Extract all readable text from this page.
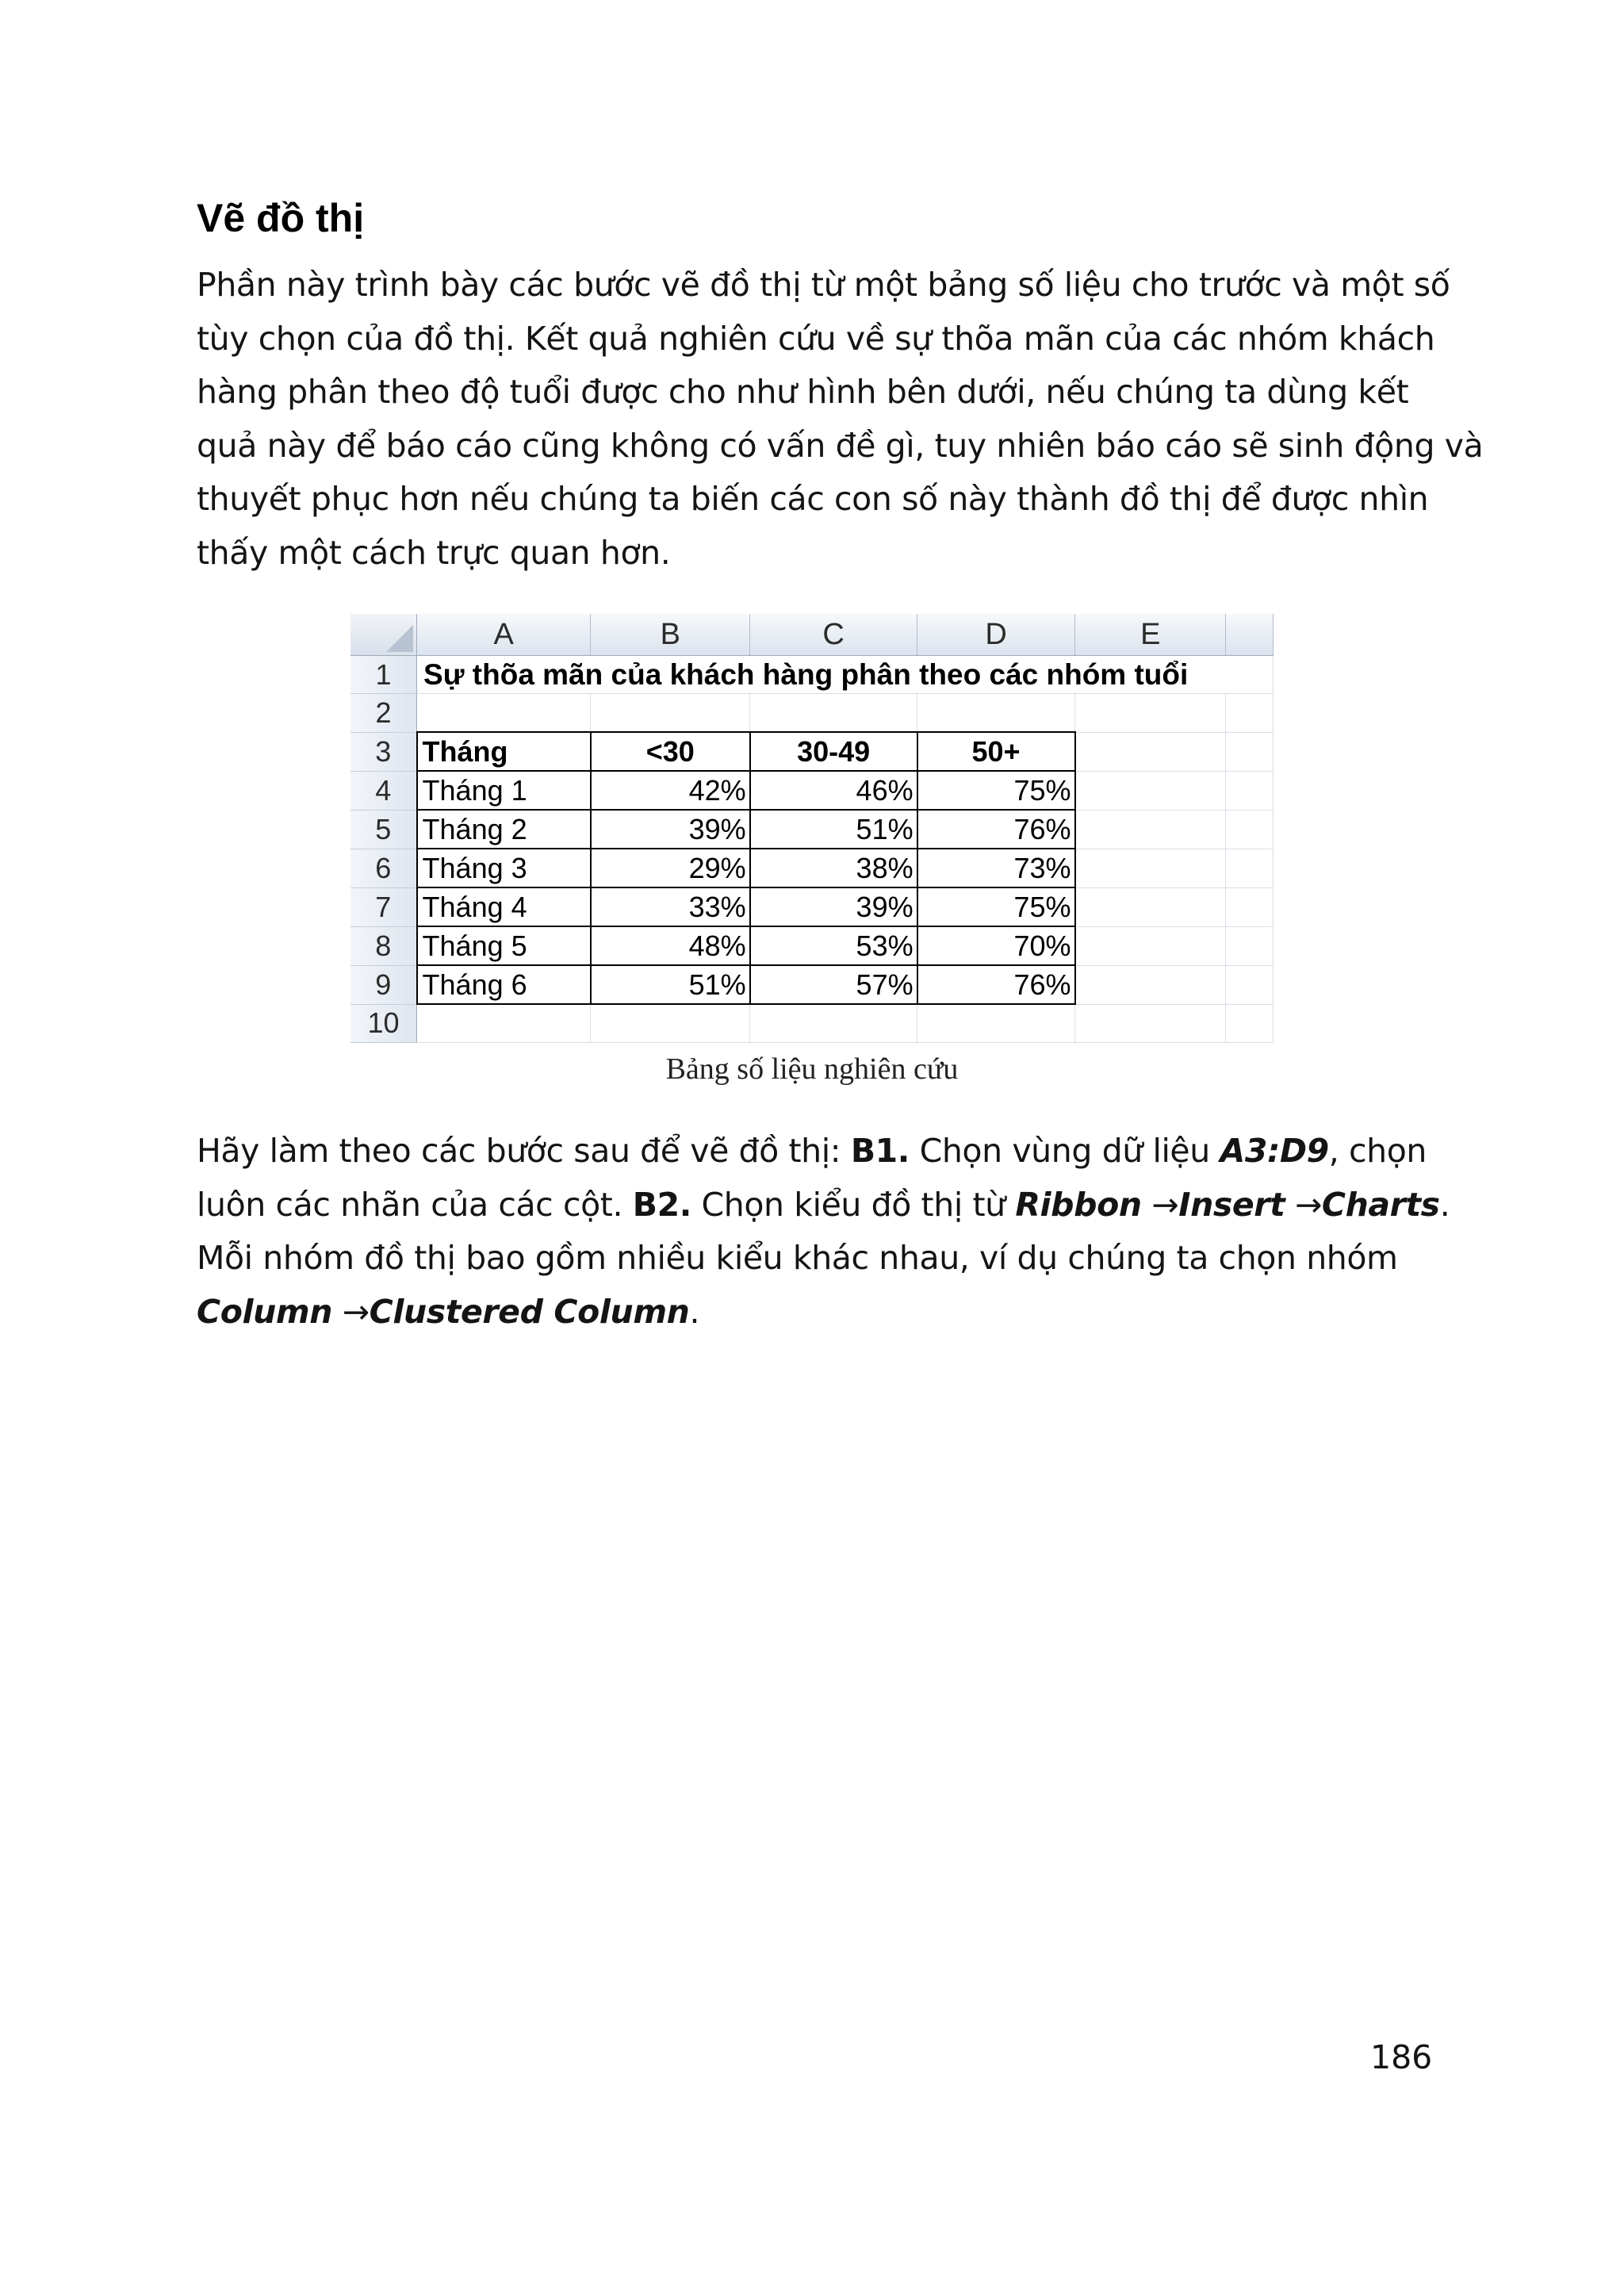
Vẽ đồ thị
Phần này trình bày các bước vẽ đồ thị từ một bảng số liệu cho trước và một số
tùy chọn của đồ thị. Kết quả nghiên cứu về sự thõa mãn của các nhóm khách
hàng phân theo độ tuổi được cho như hình bên dưới, nếu chúng ta dùng kết
quả này để báo cáo cũng không có vấn đề gì, tuy nhiên báo cáo sẽ sinh động và
thuyết phục hơn nếu chúng ta biến các con số này thành đồ thị để được nhìn
thấy một cách trực quan hơn.
	A	B	C	D	E	
1	Sự thõa mãn của khách hàng phân theo các nhóm tuổi					
2						
3	Tháng	<30	30-49	50+		
4	Tháng 1	42%	46%	75%		
5	Tháng 2	39%	51%	76%		
6	Tháng 3	29%	38%	73%		
7	Tháng 4	33%	39%	75%		
8	Tháng 5	48%	53%	70%		
9	Tháng 6	51%	57%	76%		
10						
Bảng số liệu nghiên cứu
Hãy làm theo các bước sau để vẽ đồ thị: B1. Chọn vùng dữ liệu A3:D9, chọn
luôn các nhãn của các cột. B2. Chọn kiểu đồ thị từ Ribbon →Insert →Charts.
Mỗi nhóm đồ thị bao gồm nhiều kiểu khác nhau, ví dụ chúng ta chọn nhóm
Column →Clustered Column.
186
